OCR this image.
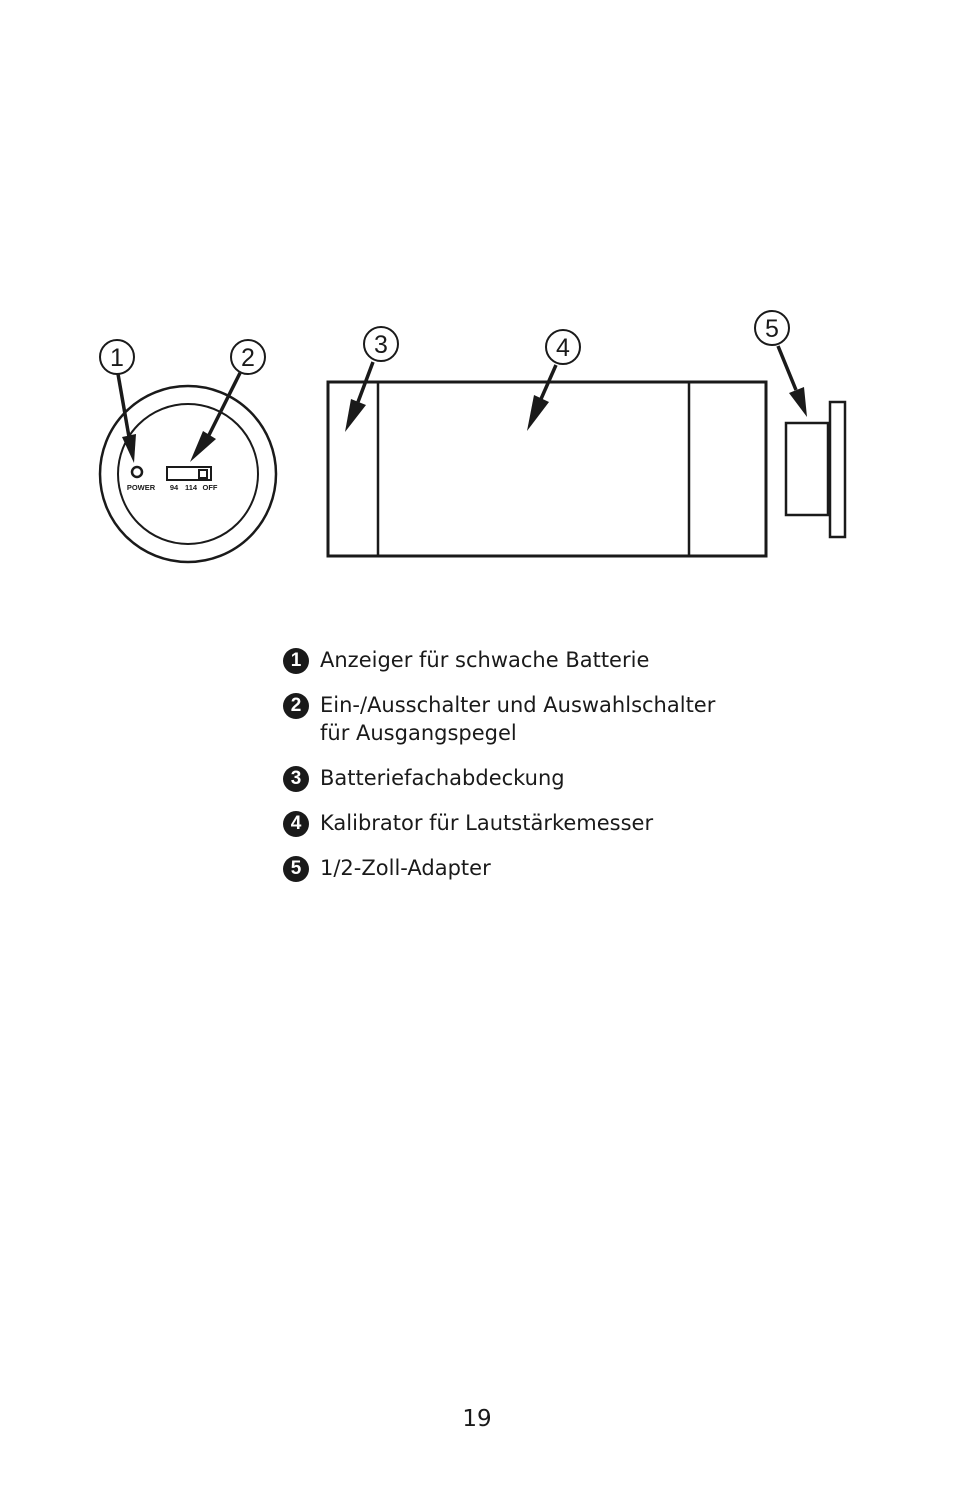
POWER 94 114 OFF
1	2	3	4
5
1 Anzeiger für schwache Batterie
2 Ein-/Ausschalter und Auswahlschalter
für Ausgangspegel
3 Batteriefachabdeckung
4 Kalibrator für Lautstärkemesser
5 1/2-Zoll-Adapter
19
